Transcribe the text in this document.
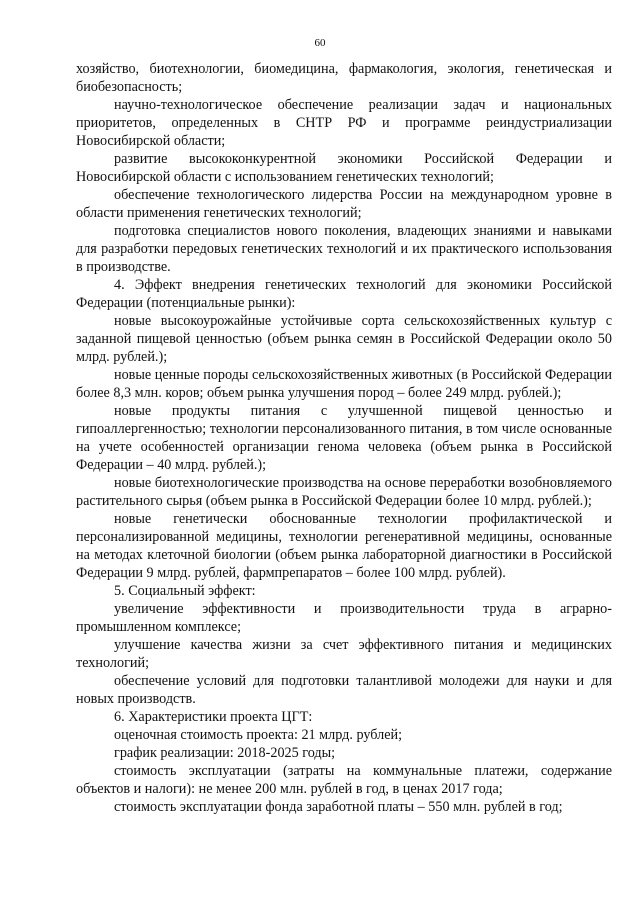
60

хозяйство, биотехнологии, биомедицина, фармакология, экология, генетическая и биобезопасность;

научно-технологическое обеспечение реализации задач и национальных приоритетов, определенных в СНТР РФ и программе реиндустриализации Новосибирской области;

развитие высококонкурентной экономики Российской Федерации и Новосибирской области с использованием генетических технологий;

обеспечение технологического лидерства России на международном уровне в области применения генетических технологий;

подготовка специалистов нового поколения, владеющих знаниями и навыками для разработки передовых генетических технологий и их практического использования в производстве.

4. Эффект внедрения генетических технологий для экономики Российской Федерации (потенциальные рынки):

новые высокоурожайные устойчивые сорта сельскохозяйственных культур с заданной пищевой ценностью (объем рынка семян в Российской Федерации около 50 млрд. рублей.);

новые ценные породы сельскохозяйственных животных (в Российской Федерации более 8,3 млн. коров; объем рынка улучшения пород – более 249 млрд. рублей.);

новые продукты питания с улучшенной пищевой ценностью и гипоаллергенностью; технологии персонализованного питания, в том числе основанные на учете особенностей организации генома человека (объем рынка в Российской Федерации – 40 млрд. рублей.);

новые биотехнологические производства на основе переработки возобновляемого растительного сырья (объем рынка в Российской Федерации более 10 млрд. рублей.);

новые генетически обоснованные технологии профилактической и персонализированной медицины, технологии регенеративной медицины, основанные на методах клеточной биологии (объем рынка лабораторной диагностики в Российской Федерации 9 млрд. рублей, фармпрепаратов – более 100 млрд. рублей).

5. Социальный эффект:

увеличение эффективности и производительности труда в аграрно-промышленном комплексе;

улучшение качества жизни за счет эффективного питания и медицинских технологий;

обеспечение условий для подготовки талантливой молодежи для науки и для новых производств.

6. Характеристики проекта ЦГТ:

оценочная стоимость проекта: 21 млрд. рублей;

график реализации: 2018-2025 годы;

стоимость эксплуатации (затраты на коммунальные платежи, содержание объектов и налоги): не менее 200 млн. рублей в год, в ценах 2017 года;

стоимость эксплуатации фонда заработной платы – 550 млн. рублей в год;
